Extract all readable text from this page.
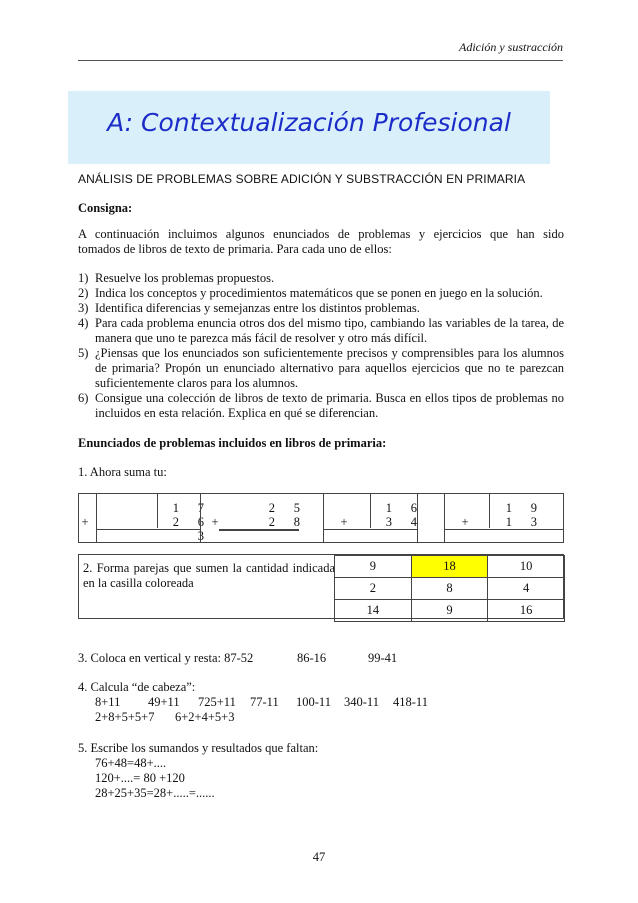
Adición y sustracción
A: Contextualización Profesional
ANÁLISIS DE PROBLEMAS SOBRE ADICIÓN Y SUBSTRACCIÓN EN PRIMARIA
Consigna:
A continuación incluimos algunos enunciados de problemas y ejercicios que han sido
tomados de libros de texto de primaria. Para cada uno de ellos:
1) Resuelve los problemas propuestos.
2) Indica los conceptos y procedimientos matemáticos que se ponen en juego en la solución.
3) Identifica diferencias y semejanzas entre los distintos problemas.
4) Para cada problema enuncia otros dos del mismo tipo, cambiando las variables de la tarea, de manera que uno te parezca más fácil de resolver y otro más difícil.
5) ¿Piensas que los enunciados son suficientemente precisos y comprensibles para los alumnos de primaria? Propón un enunciado alternativo para aquellos ejercicios que no te parezcan suficientemente claros para los alumnos.
6) Consigue una colección de libros de texto de primaria. Busca en ellos tipos de problemas no incluidos en esta relación. Explica en qué se diferencian.
Enunciados de problemas incluidos en libros de primaria:
1. Ahora suma tu:
1	7
+	2	6
3
2	5
+	2	8
1	6
+	3	4
1	9
+	1	3
2. Forma parejas que sumen la cantidad indicada en la casilla coloreada
9	18	10
2	8	4
14	9	16
3. Coloca en vertical y resta: 87-52	86-16	99-41
4. Calcula “de cabeza”:
8+11 49+11 725+11 77-11 100-11 340-11 418-11
2+8+5+5+7 6+2+4+5+3
5. Escribe los sumandos y resultados que faltan:
76+48=48+....
120+....= 80 +120
28+25+35=28+.....=......
47
